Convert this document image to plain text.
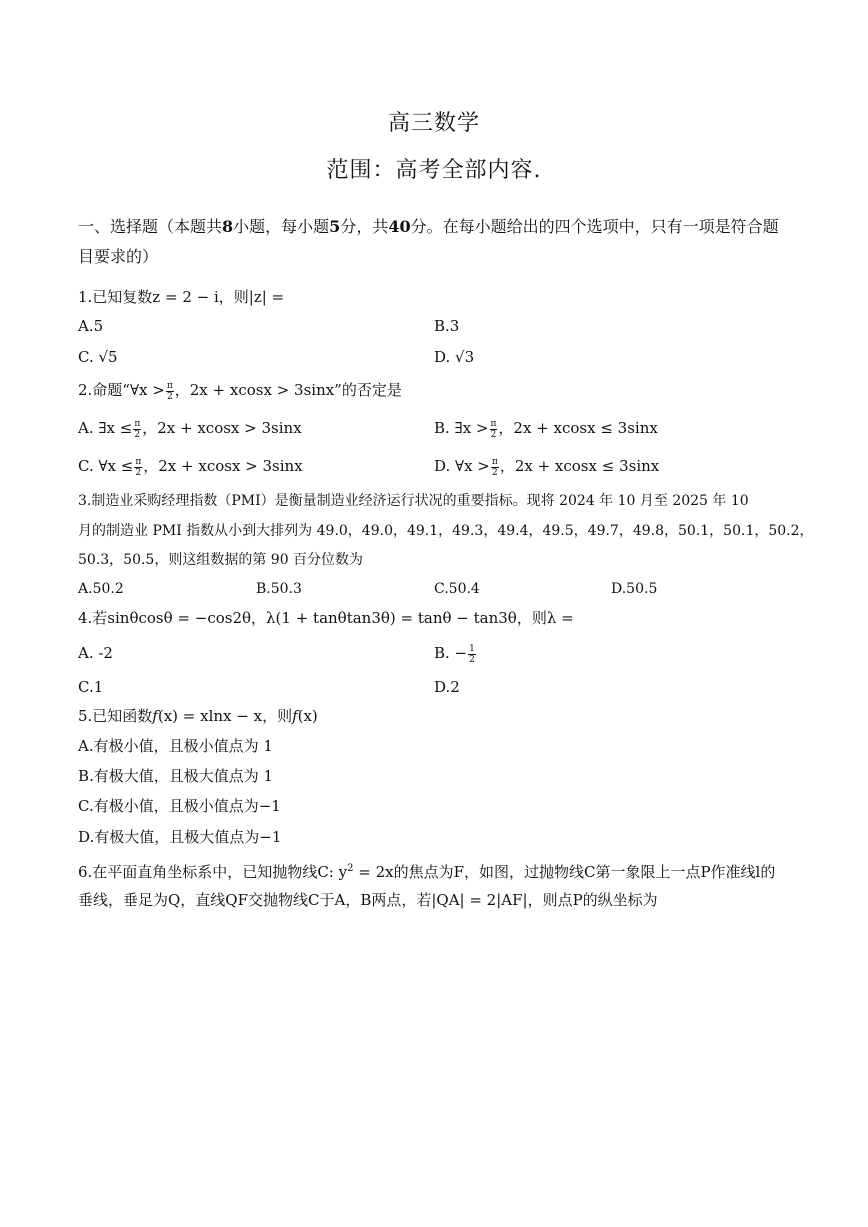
高三数学
范围：高考全部内容.
一、选择题（本题共8小题，每小题5分，共40分。在每小题给出的四个选项中，只有一项是符合题目要求的）
1.已知复数z = 2 − i，则|z| =
A.5	B.3
C. √5	D. √3
2.命题“∀x > $\frac{\pi}{2}$ ，2x + xcosx > 3sinx”的否定是
A. ∃x ≤ $\frac{\pi}{2}$ ，2x + xcosx > 3sinx	B. ∃x > $\frac{\pi}{2}$ ，2x + xcosx ≤ 3sinx
C. ∀x ≤ $\frac{\pi}{2}$ ，2x + xcosx > 3sinx	D. ∀x > $\frac{\pi}{2}$ ，2x + xcosx ≤ 3sinx
3.制造业采购经理指数（PMI）是衡量制造业经济运行状况的重要指标。现将 2024 年 10 月至 2025 年 10
月的制造业 PMI 指数从小到大排列为 49.0，49.0，49.1，49.3，49.4，49.5，49.7，49.8，50.1，50.1，50.2，
50.3，50.5，则这组数据的第 90 百分位数为
A.50.2	B.50.3	C.50.4	D.50.5
4.若sinθcosθ = −cos2θ，λ(1 + tanθtan3θ) = tanθ − tan3θ，则λ =
A. -2	B. − $\frac{1}{2}$
C.1	D.2
5.已知函数𝑓(x) = xlnx − x，则𝑓(x)
A.有极小值，且极小值点为 1
B.有极大值，且极大值点为 1
C.有极小值，且极小值点为−1
D.有极大值，且极大值点为−1
6.在平面直角坐标系中，已知抛物线C: $y^2 = 2x$的焦点为F，如图，过抛物线C第一象限上一点P作准线l的
垂线，垂足为Q，直线QF交抛物线C于A，B两点，若|QA| = 2|AF|，则点P的纵坐标为
